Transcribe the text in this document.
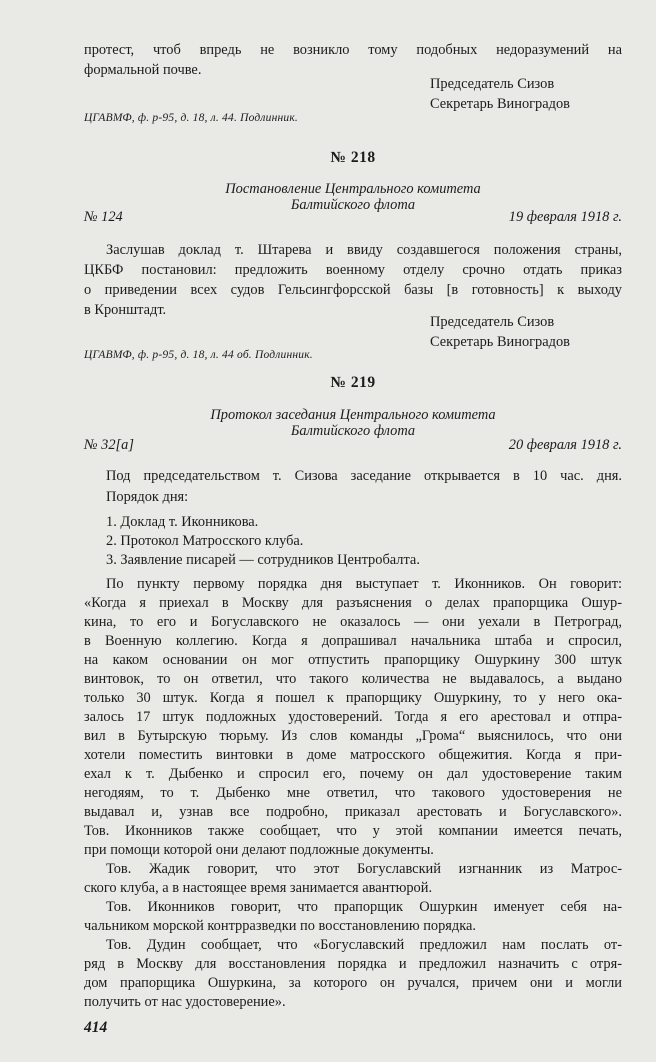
протест, чтоб впредь не возникло тому подобных недоразумений на
формальной почве.
Председатель Сизов
Секретарь Виноградов
ЦГАВМФ, ф. р-95, д. 18, л. 44. Подлинник.
№ 218
Постановление Центрального комитета
Балтийского флота
№ 124	19 февраля 1918 г.
Заслушав доклад т. Штарева и ввиду создавшегося положения страны,
ЦКБФ постановил: предложить военному отделу срочно отдать приказ
о приведении всех судов Гельсингфорсской базы [в готовность] к выходу
в Кронштадт.
Председатель Сизов
Секретарь Виноградов
ЦГАВМФ, ф. р-95, д. 18, л. 44 об. Подлинник.
№ 219
Протокол заседания Центрального комитета
Балтийского флота
№ 32[а]	20 февраля 1918 г.
Под председательством т. Сизова заседание открывается в 10 час. дня.
Порядок дня:
1. Доклад т. Иконникова.
2. Протокол Матросского клуба.
3. Заявление писарей — сотрудников Центробалта.
По пункту первому порядка дня выступает т. Иконников. Он говорит:
«Когда я приехал в Москву для разъяснения о делах прапорщика Ошур-
кина, то его и Богуславского не оказалось — они уехали в Петроград,
в Военную коллегию. Когда я допрашивал начальника штаба и спросил,
на каком основании он мог отпустить прапорщику Ошуркину 300 штук
винтовок, то он ответил, что такого количества не выдавалось, а выдано
только 30 штук. Когда я пошел к прапорщику Ошуркину, то у него ока-
залось 17 штук подложных удостоверений. Тогда я его арестовал и отпра-
вил в Бутырскую тюрьму. Из слов команды „Грома“ выяснилось, что они
хотели поместить винтовки в доме матросского общежития. Когда я при-
ехал к т. Дыбенко и спросил его, почему он дал удостоверение таким
негодяям, то т. Дыбенко мне ответил, что такового удостоверения не
выдавал и, узнав все подробно, приказал арестовать и Богуславского».
Тов. Иконников также сообщает, что у этой компании имеется печать,
при помощи которой они делают подложные документы.
Тов. Жадик говорит, что этот Богуславский изгнанник из Матрос-
ского клуба, а в настоящее время занимается авантюрой.
Тов. Иконников говорит, что прапорщик Ошуркин именует себя на-
чальником морской контрразведки по восстановлению порядка.
Тов. Дудин сообщает, что «Богуславский предложил нам послать от-
ряд в Москву для восстановления порядка и предложил назначить с отря-
дом прапорщика Ошуркина, за которого он ручался, причем они и могли
получить от нас удостоверение».
414
